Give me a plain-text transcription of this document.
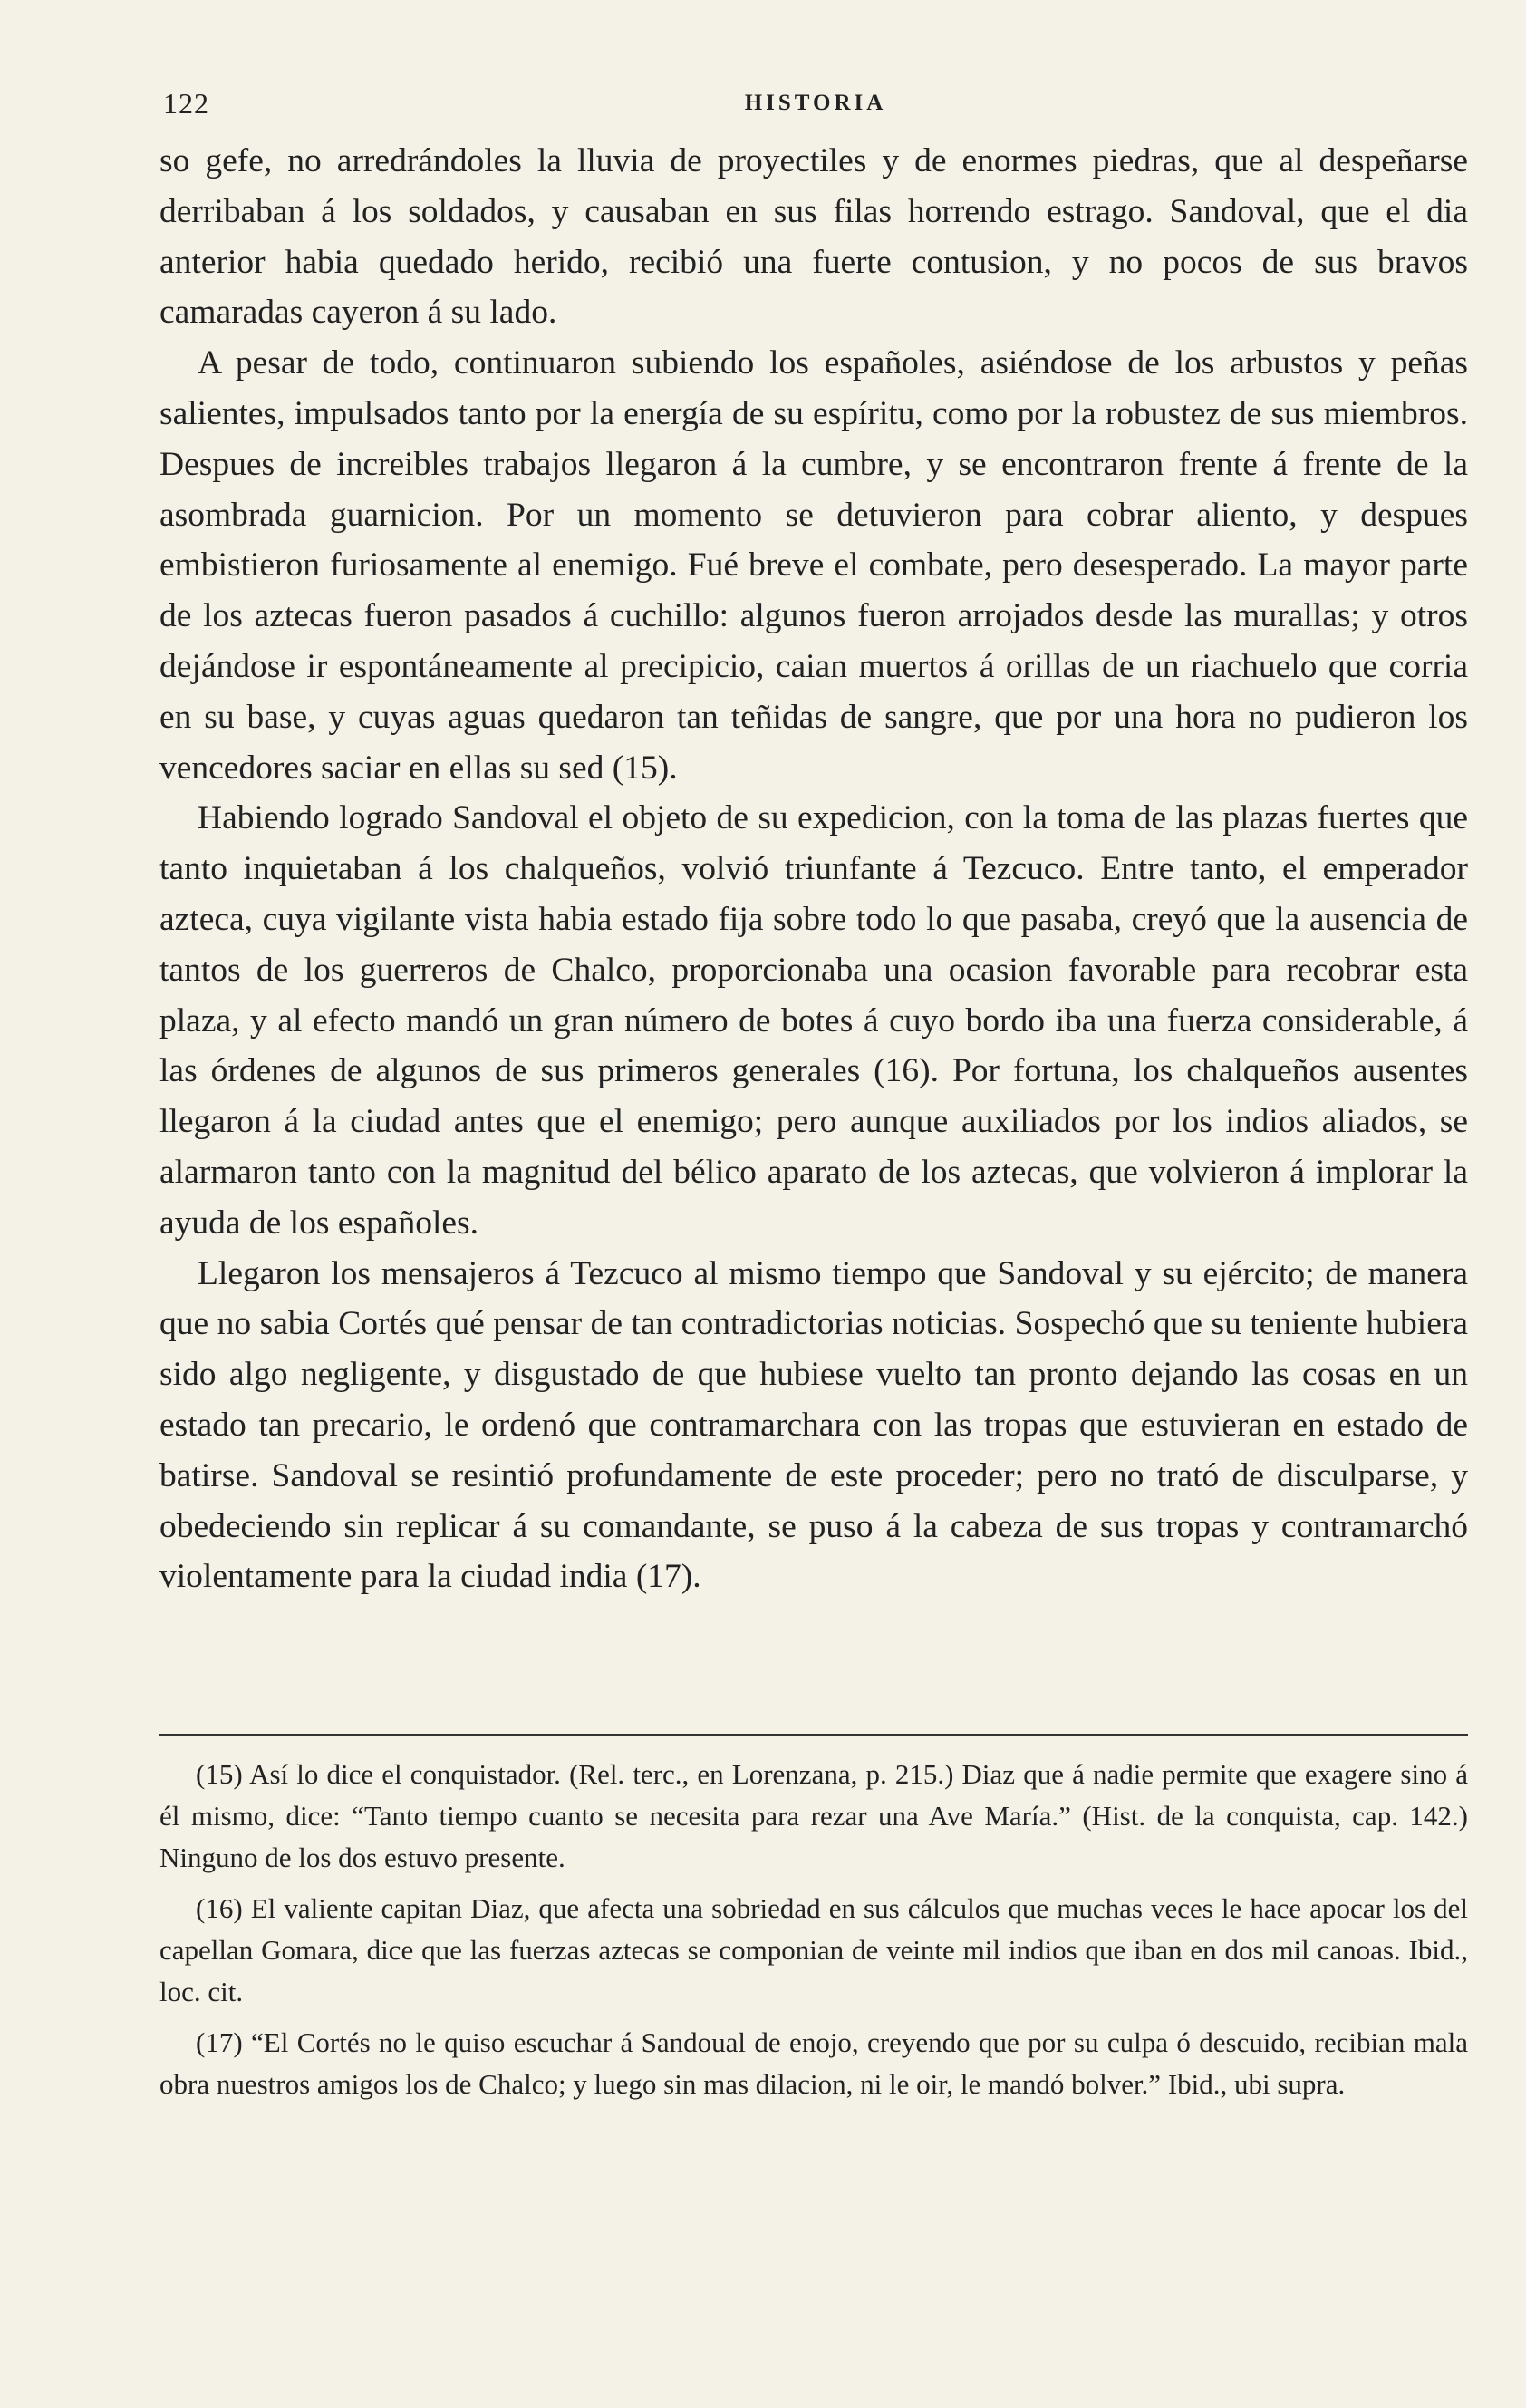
122	HISTORIA

so gefe, no arredrándoles la lluvia de proyectiles y de enormes piedras, que al despeñarse derribaban á los soldados, y causaban en sus filas horrendo estrago. Sandoval, que el dia anterior habia quedado herido, recibió una fuerte contusion, y no pocos de sus bravos camaradas cayeron á su lado.

A pesar de todo, continuaron subiendo los españoles, asiéndose de los arbustos y peñas salientes, impulsados tanto por la energía de su espíritu, como por la robustez de sus miembros. Despues de increibles trabajos llegaron á la cumbre, y se encontraron frente á frente de la asombrada guarnicion. Por un momento se detuvieron para cobrar aliento, y despues embistieron furiosamente al enemigo. Fué breve el combate, pero desesperado. La mayor parte de los aztecas fueron pasados á cuchillo: algunos fueron arrojados desde las murallas; y otros dejándose ir espontáneamente al precipicio, caian muertos á orillas de un riachuelo que corria en su base, y cuyas aguas quedaron tan teñidas de sangre, que por una hora no pudieron los vencedores saciar en ellas su sed (15).

Habiendo logrado Sandoval el objeto de su expedicion, con la toma de las plazas fuertes que tanto inquietaban á los chalqueños, volvió triunfante á Tezcuco. Entre tanto, el emperador azteca, cuya vigilante vista habia estado fija sobre todo lo que pasaba, creyó que la ausencia de tantos de los guerreros de Chalco, proporcionaba una ocasion favorable para recobrar esta plaza, y al efecto mandó un gran número de botes á cuyo bordo iba una fuerza considerable, á las órdenes de algunos de sus primeros generales (16). Por fortuna, los chalqueños ausentes llegaron á la ciudad antes que el enemigo; pero aunque auxiliados por los indios aliados, se alarmaron tanto con la magnitud del bélico aparato de los aztecas, que volvieron á implorar la ayuda de los españoles.

Llegaron los mensajeros á Tezcuco al mismo tiempo que Sandoval y su ejército; de manera que no sabia Cortés qué pensar de tan contradictorias noticias. Sospechó que su teniente hubiera sido algo negligente, y disgustado de que hubiese vuelto tan pronto dejando las cosas en un estado tan precario, le ordenó que contramarchara con las tropas que estuvieran en estado de batirse. Sandoval se resintió profundamente de este proceder; pero no trató de disculparse, y obedeciendo sin replicar á su comandante, se puso á la cabeza de sus tropas y contramarchó violentamente para la ciudad india (17).

(15) Así lo dice el conquistador. (Rel. terc., en Lorenzana, p. 215.) Diaz que á nadie permite que exagere sino á él mismo, dice: “Tanto tiempo cuanto se necesita para rezar una Ave María.” (Hist. de la conquista, cap. 142.) Ninguno de los dos estuvo presente.

(16) El valiente capitan Diaz, que afecta una sobriedad en sus cálculos que muchas veces le hace apocar los del capellan Gomara, dice que las fuerzas aztecas se componian de veinte mil indios que iban en dos mil canoas. Ibid., loc. cit.

(17) “El Cortés no le quiso escuchar á Sandoual de enojo, creyendo que por su culpa ó descuido, recibian mala obra nuestros amigos los de Chalco; y luego sin mas dilacion, ni le oir, le mandó bolver.” Ibid., ubi supra.
